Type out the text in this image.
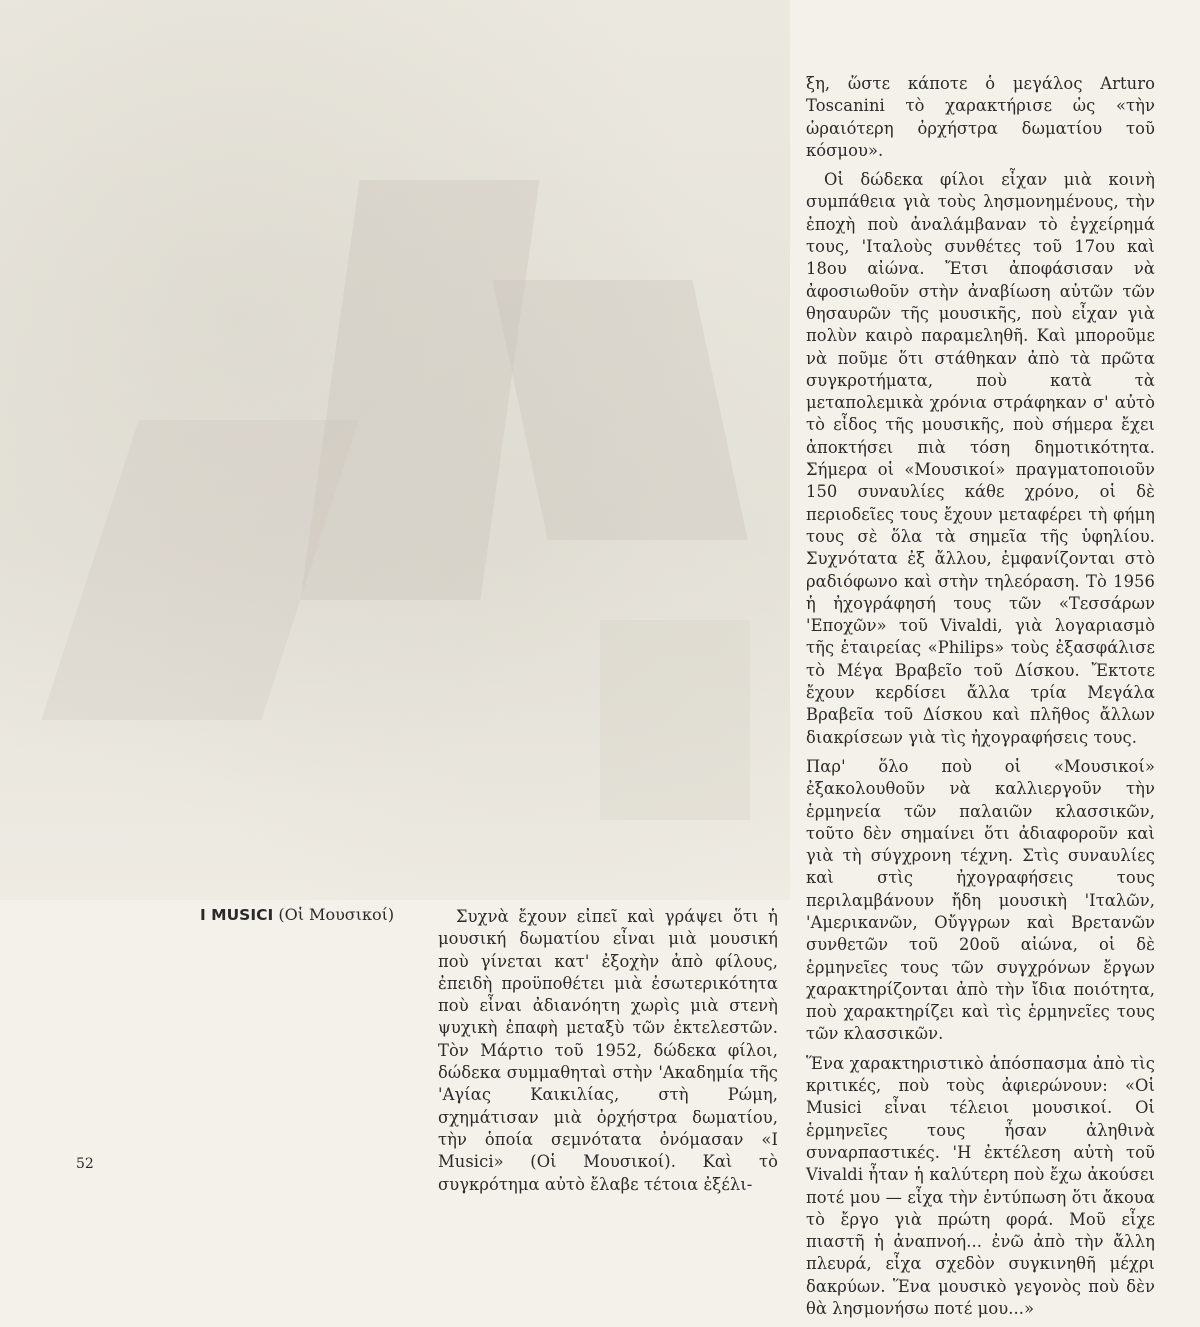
I MUSICI (Οἱ Μουσικοί)	Συχνὰ ἔχουν εἰπεῖ καὶ γράψει ὅτι ἡ μουσική δωματίου εἶναι μιὰ μουσική ποὺ γίνεται κατ' ἐξοχὴν ἀπὸ φίλους, ἐπειδὴ προϋποθέτει μιὰ ἐσωτερικότητα ποὺ εἶναι ἀδιανόητη χωρὶς μιὰ στενὴ ψυχικὴ ἐπαφὴ μεταξὺ τῶν ἐκτελεστῶν. Τὸν Μάρτιο τοῦ 1952, δώδεκα φίλοι, δώδεκα συμμαθηταὶ στὴν 'Ακαδημία τῆς 'Αγίας Καικιλίας, στὴ Ρώμη, σχημάτισαν μιὰ ὀρχήστρα δωματίου, τὴν ὁποία σεμνότατα ὀνόμασαν «I Musici» (Οἱ Μουσικοί). Καὶ τὸ συγκρότημα αὐτὸ ἔλαβε τέτοια ἐξέλι-

ξη, ὥστε κάποτε ὁ μεγάλος Arturo Toscanini τὸ χαρακτήρισε ὡς «τὴν ὡραιότερη ὀρχήστρα δωματίου τοῦ κόσμου».

Οἱ δώδεκα φίλοι εἶχαν μιὰ κοινὴ συμπάθεια γιὰ τοὺς λησμονημένους, τὴν ἐποχὴ ποὺ ἀναλάμβαναν τὸ ἐγχείρημά τους, 'Ιταλοὺς συνθέτες τοῦ 17ου καὶ 18ου αἰώνα. Ἔτσι ἀποφάσισαν νὰ ἀφοσιωθοῦν στὴν ἀναβίωση αὐτῶν τῶν θησαυρῶν τῆς μουσικῆς, ποὺ εἶχαν γιὰ πολὺν καιρὸ παραμεληθῆ. Καὶ μποροῦμε νὰ ποῦμε ὅτι στάθηκαν ἀπὸ τὰ πρῶτα συγκροτήματα, ποὺ κατὰ τὰ μεταπολεμικὰ χρόνια στράφηκαν σ' αὐτὸ τὸ εἶδος τῆς μουσικῆς, ποὺ σήμερα ἔχει ἀποκτήσει πιὰ τόση δημοτικότητα. Σήμερα οἱ «Μουσικοί» πραγματοποιοῦν 150 συναυλίες κάθε χρόνο, οἱ δὲ περιοδεῖες τους ἔχουν μεταφέρει τὴ φήμη τους σὲ ὅλα τὰ σημεῖα τῆς ὑφηλίου. Συχνότατα ἐξ ἄλλου, ἐμφανίζονται στὸ ραδιόφωνο καὶ στὴν τηλεόραση. Τὸ 1956 ἡ ἠχογράφησή τους τῶν «Τεσσάρων 'Εποχῶν» τοῦ Vivaldi, γιὰ λογαριασμὸ τῆς ἑταιρείας «Philips» τοὺς ἐξασφάλισε τὸ Μέγα Βραβεῖο τοῦ Δίσκου. Ἔκτοτε ἔχουν κερδίσει ἄλλα τρία Μεγάλα Βραβεῖα τοῦ Δίσκου καὶ πλῆθος ἄλλων διακρίσεων γιὰ τὶς ἠχογραφήσεις τους.

Παρ' ὅλο ποὺ οἱ «Μουσικοί» ἐξακολουθοῦν νὰ καλλιεργοῦν τὴν ἑρμηνεία τῶν παλαιῶν κλασσικῶν, τοῦτο δὲν σημαίνει ὅτι ἀδιαφοροῦν καὶ γιὰ τὴ σύγχρονη τέχνη. Στὶς συναυλίες καὶ στὶς ἠχογραφήσεις τους περιλαμβάνουν ἤδη μουσικὴ 'Ιταλῶν, 'Αμερικανῶν, Οὔγγρων καὶ Βρετανῶν συνθετῶν τοῦ 20οῦ αἰώνα, οἱ δὲ ἑρμηνεῖες τους τῶν συγχρόνων ἔργων χαρακτηρίζονται ἀπὸ τὴν ἴδια ποιότητα, ποὺ χαρακτηρίζει καὶ τὶς ἑρμηνεῖες τους τῶν κλασσικῶν.

Ἕνα χαρακτηριστικὸ ἀπόσπασμα ἀπὸ τὶς κριτικές, ποὺ τοὺς ἀφιερώνουν: «Οἱ Musici εἶναι τέλειοι μουσικοί. Οἱ ἑρμηνεῖες τους ἦσαν ἀληθινὰ συναρπαστικές. 'Η ἐκτέλεση αὐτὴ τοῦ Vivaldi ἦταν ἡ καλύτερη ποὺ ἔχω ἀκούσει ποτέ μου — εἶχα τὴν ἐντύπωση ὅτι ἄκουα τὸ ἔργο γιὰ πρώτη φορά. Μοῦ εἶχε πιαστῆ ἡ ἀναπνοή... ἐνῶ ἀπὸ τὴν ἄλλη πλευρά, εἶχα σχεδὸν συγκινηθῆ μέχρι δακρύων. Ἕνα μουσικὸ γεγονὸς ποὺ δὲν θὰ λησμονήσω ποτέ μου...»

52
